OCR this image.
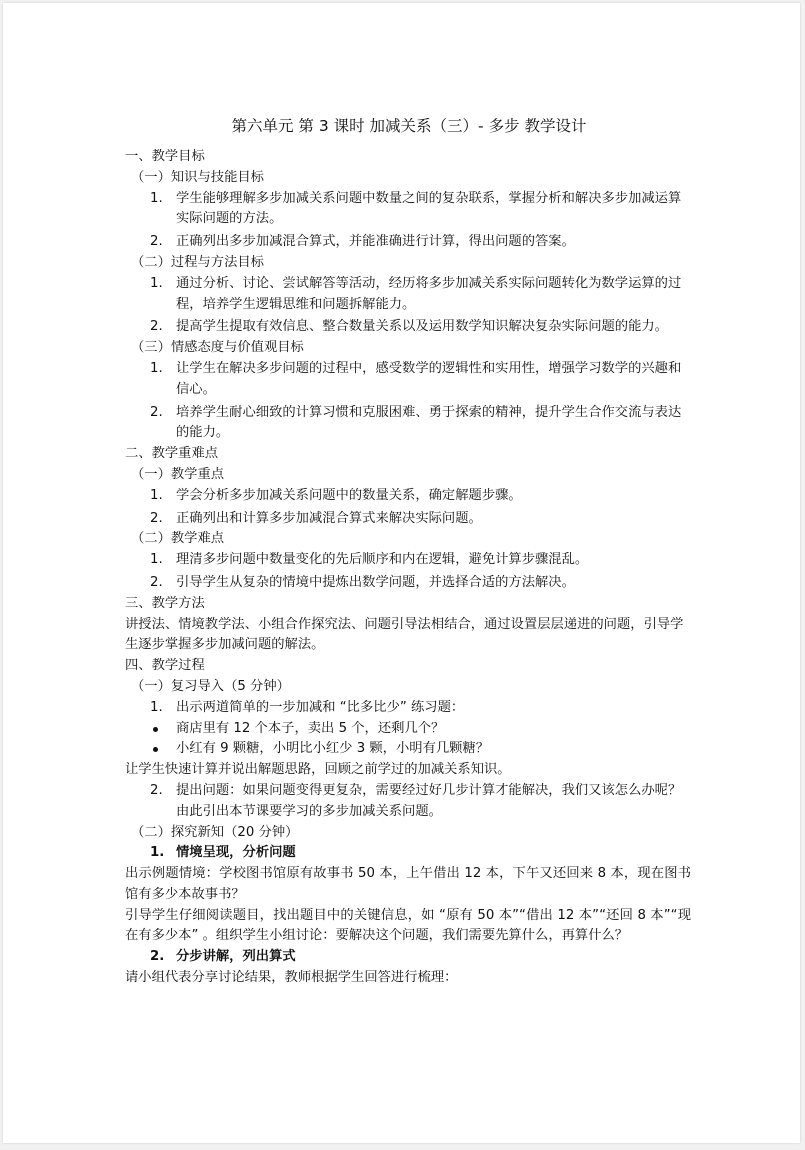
第六单元 第 3 课时 加减关系（三）- 多步 教学设计
一、教学目标
（一）知识与技能目标
1. 学生能够理解多步加减关系问题中数量之间的复杂联系，掌握分析和解决多步加减运算实际问题的方法。
2. 正确列出多步加减混合算式，并能准确进行计算，得出问题的答案。
（二）过程与方法目标
1. 通过分析、讨论、尝试解答等活动，经历将多步加减关系实际问题转化为数学运算的过程，培养学生逻辑思维和问题拆解能力。
2. 提高学生提取有效信息、整合数量关系以及运用数学知识解决复杂实际问题的能力。
（三）情感态度与价值观目标
1. 让学生在解决多步问题的过程中，感受数学的逻辑性和实用性，增强学习数学的兴趣和信心。
2. 培养学生耐心细致的计算习惯和克服困难、勇于探索的精神，提升学生合作交流与表达的能力。
二、教学重难点
（一）教学重点
1. 学会分析多步加减关系问题中的数量关系，确定解题步骤。
2. 正确列出和计算多步加减混合算式来解决实际问题。
（二）教学难点
1. 理清多步问题中数量变化的先后顺序和内在逻辑，避免计算步骤混乱。
2. 引导学生从复杂的情境中提炼出数学问题，并选择合适的方法解决。
三、教学方法
讲授法、情境教学法、小组合作探究法、问题引导法相结合，通过设置层层递进的问题，引导学生逐步掌握多步加减问题的解法。
四、教学过程
（一）复习导入（5 分钟）
1. 出示两道简单的一步加减和 “比多比少” 练习题：
商店里有 12 个本子，卖出 5 个，还剩几个？
小红有 9 颗糖，小明比小红少 3 颗，小明有几颗糖？
让学生快速计算并说出解题思路，回顾之前学过的加减关系知识。
2. 提出问题：如果问题变得更复杂，需要经过好几步计算才能解决，我们又该怎么办呢？由此引出本节课要学习的多步加减关系问题。
（二）探究新知（20 分钟）
1. 情境呈现，分析问题
出示例题情境：学校图书馆原有故事书 50 本，上午借出 12 本，下午又还回来 8 本，现在图书馆有多少本故事书？
引导学生仔细阅读题目，找出题目中的关键信息，如 “原有 50 本”“借出 12 本”“还回 8 本”“现在有多少本” 。组织学生小组讨论：要解决这个问题，我们需要先算什么，再算什么？
2. 分步讲解，列出算式
请小组代表分享讨论结果，教师根据学生回答进行梳理：
